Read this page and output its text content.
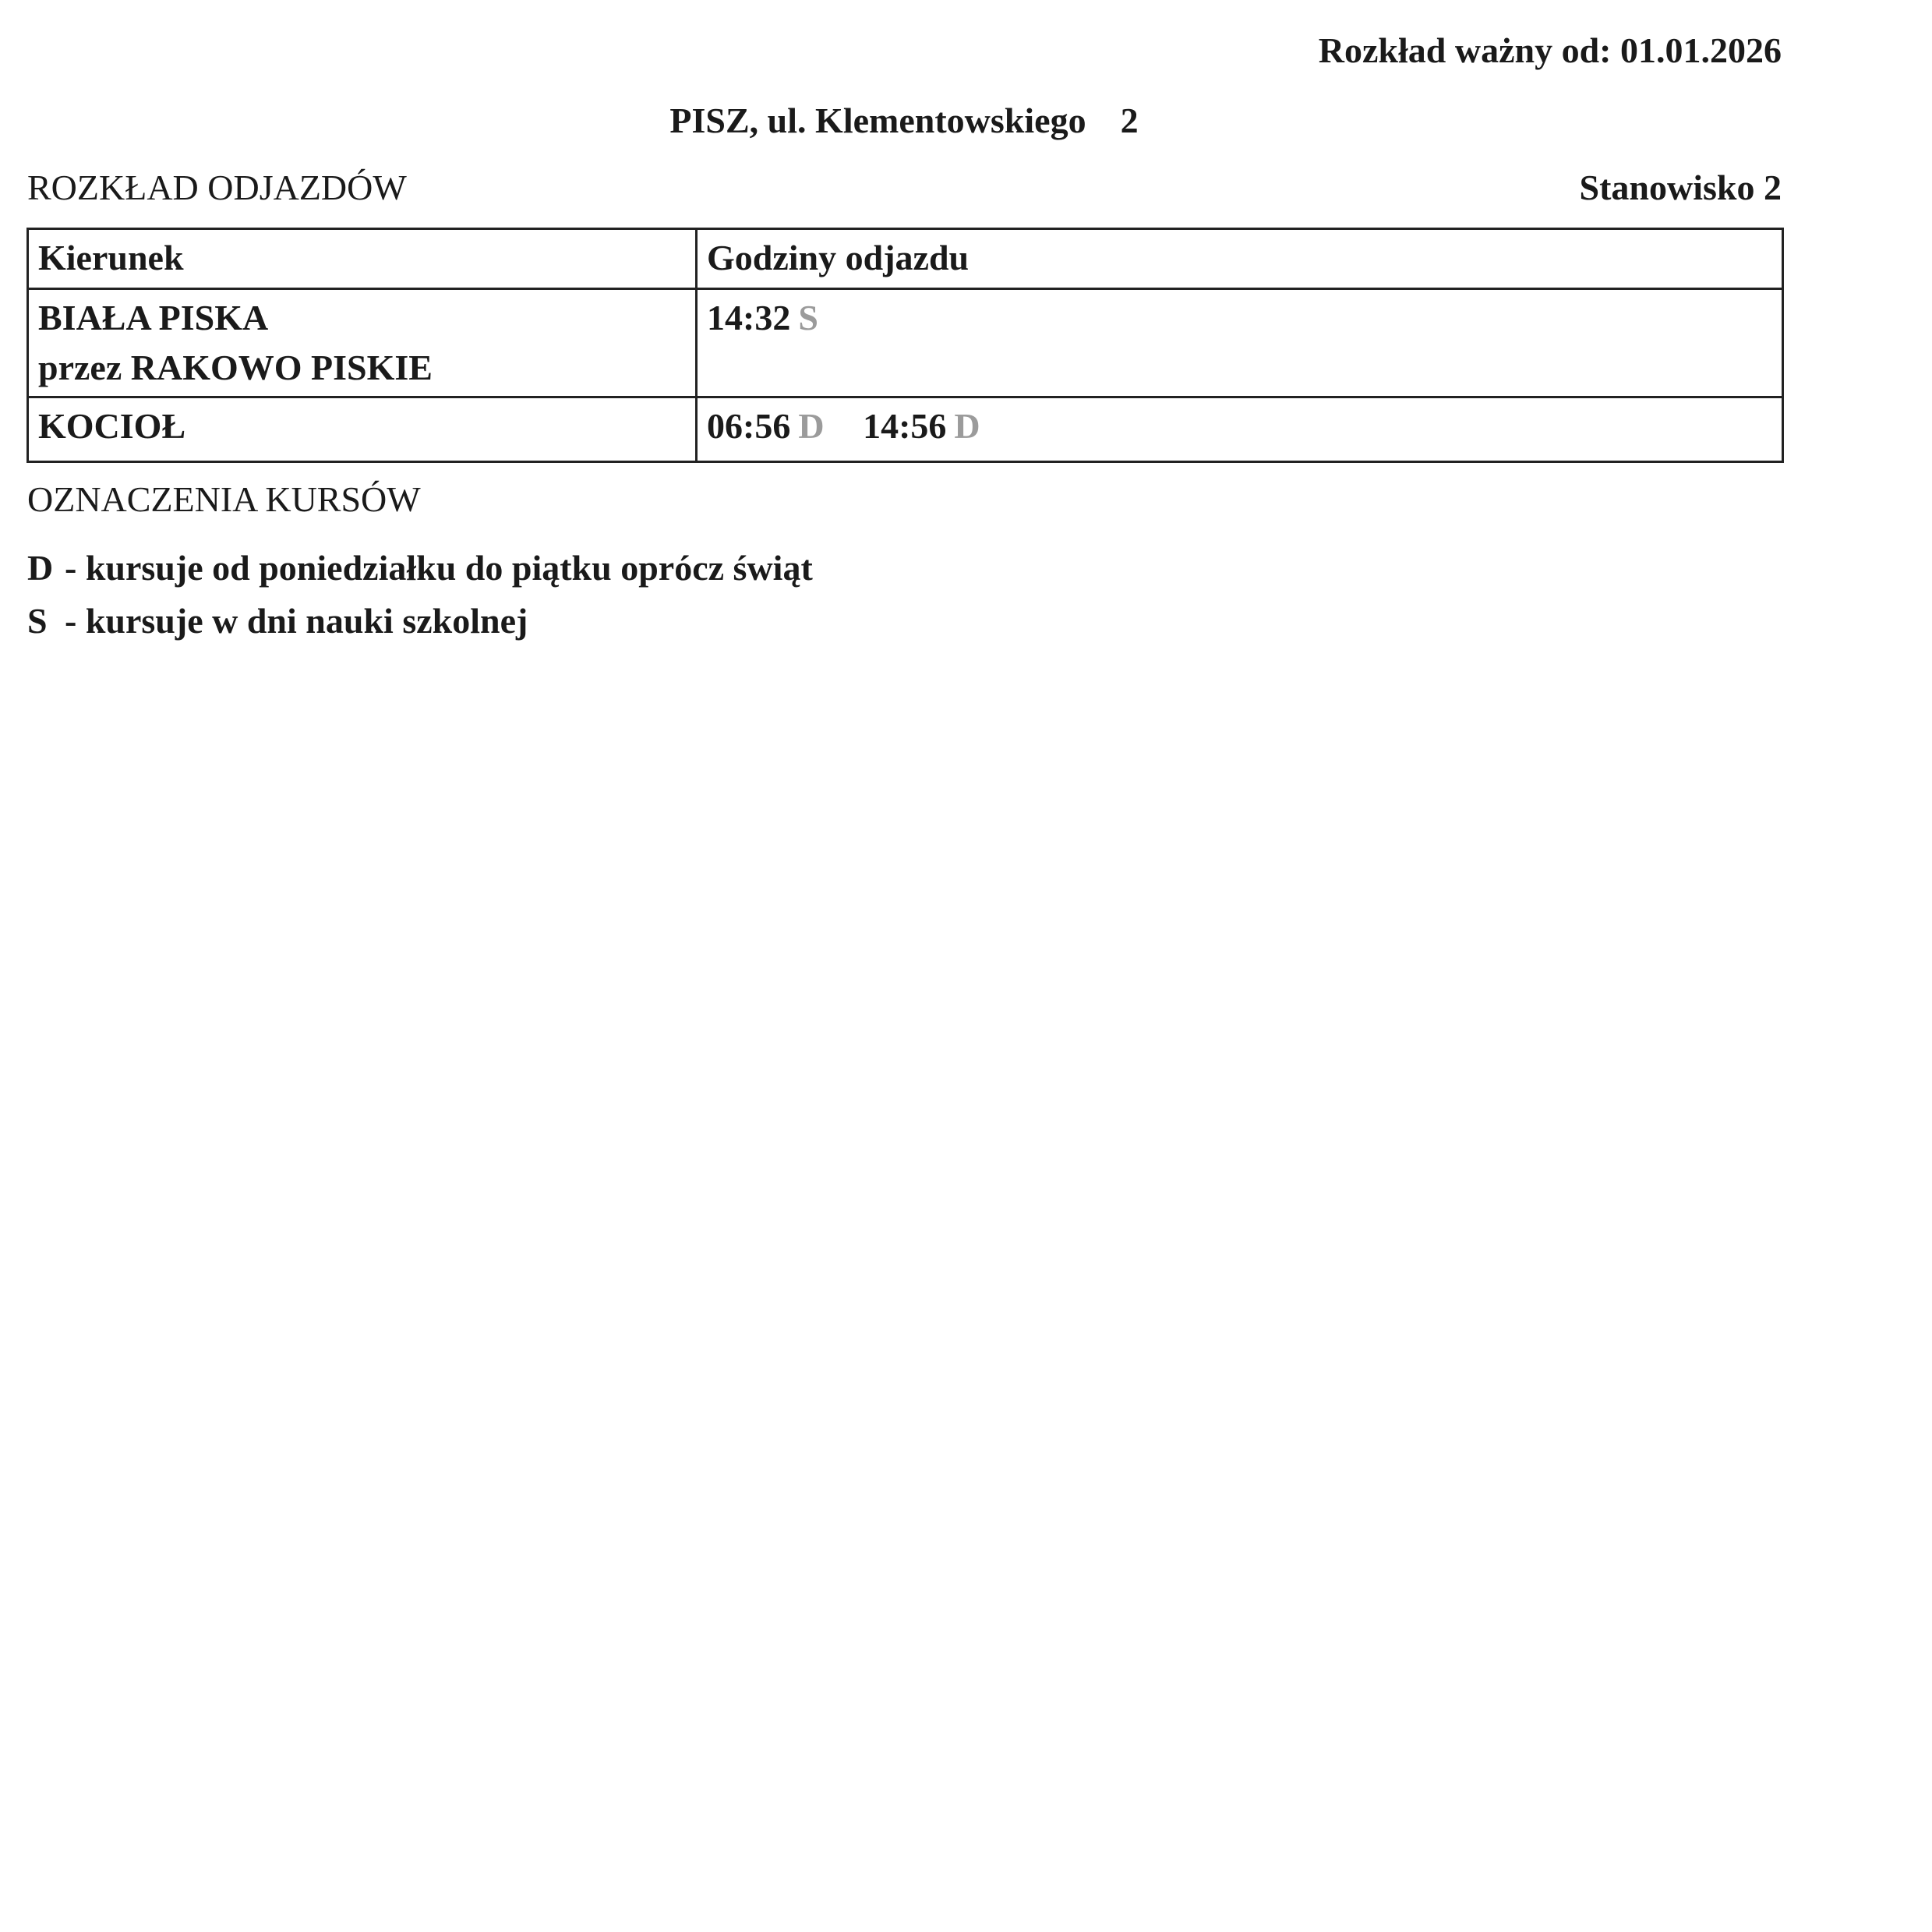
Rozkład ważny od: 01.01.2026
PISZ, ul. Klementowskiego 2
ROZKŁAD ODJAZDÓW	Stanowisko 2
Kierunek	Godziny odjazdu

BIAŁA PISKA
przez RAKOWO PISKIE	14:32 S

KOCIOŁ	06:56 D 14:56 D
OZNACZENIA KURSÓW
D - kursuje od poniedziałku do piątku oprócz świąt
S - kursuje w dni nauki szkolnej
